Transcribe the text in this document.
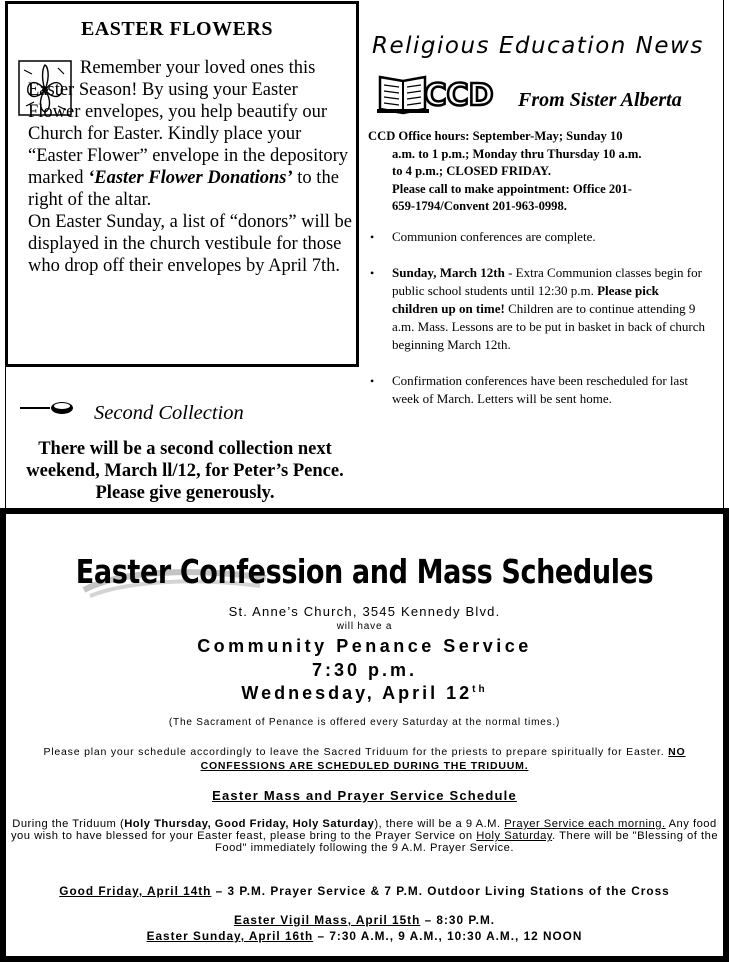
EASTER FLOWERS
Remember your loved ones this Easter Season! By using your Easter Flower envelopes, you help beautify our Church for Easter. Kindly place your “Easter Flower” envelope in the depository marked ‘Easter Flower Donations’ to the right of the altar.
On Easter Sunday, a list of “donors” will be displayed in the church vestibule for those who drop off their envelopes by April 7th.
Religious Education News
CCD From Sister Alberta
CCD Office hours: September-May; Sunday 10
a.m. to 1 p.m.; Monday thru Thursday 10 a.m.
to 4 p.m.; CLOSED FRIDAY.
Please call to make appointment: Office 201-
659-1794/Convent 201-963-0998.
• Communion conferences are complete.
• Sunday, March 12th - Extra Communion classes begin for public school students until 12:30 p.m. Please pick children up on time! Children are to continue attending 9 a.m. Mass. Lessons are to be put in basket in back of church beginning March 12th.
• Confirmation conferences have been rescheduled for last week of March. Letters will be sent home.
Second Collection
There will be a second collection next weekend, March ll/12, for Peter’s Pence. Please give generously.
Easter Confession and Mass Schedules
St. Anne’s Church, 3545 Kennedy Blvd.
will have a
Community Penance Service
7:30 p.m.
Wednesday, April 12th
(The Sacrament of Penance is offered every Saturday at the normal times.)
Please plan your schedule accordingly to leave the Sacred Triduum for the priests to prepare spiritually for Easter. NO CONFESSIONS ARE SCHEDULED DURING THE TRIDUUM.
Easter Mass and Prayer Service Schedule
During the Triduum (Holy Thursday, Good Friday, Holy Saturday), there will be a 9 A.M. Prayer Service each morning. Any food you wish to have blessed for your Easter feast, please bring to the Prayer Service on Holy Saturday. There will be "Blessing of the Food" immediately following the 9 A.M. Prayer Service.
Good Friday, April 14th – 3 P.M. Prayer Service & 7 P.M. Outdoor Living Stations of the Cross
Easter Vigil Mass, April 15th – 8:30 P.M.
Easter Sunday, April 16th – 7:30 A.M., 9 A.M., 10:30 A.M., 12 NOON
